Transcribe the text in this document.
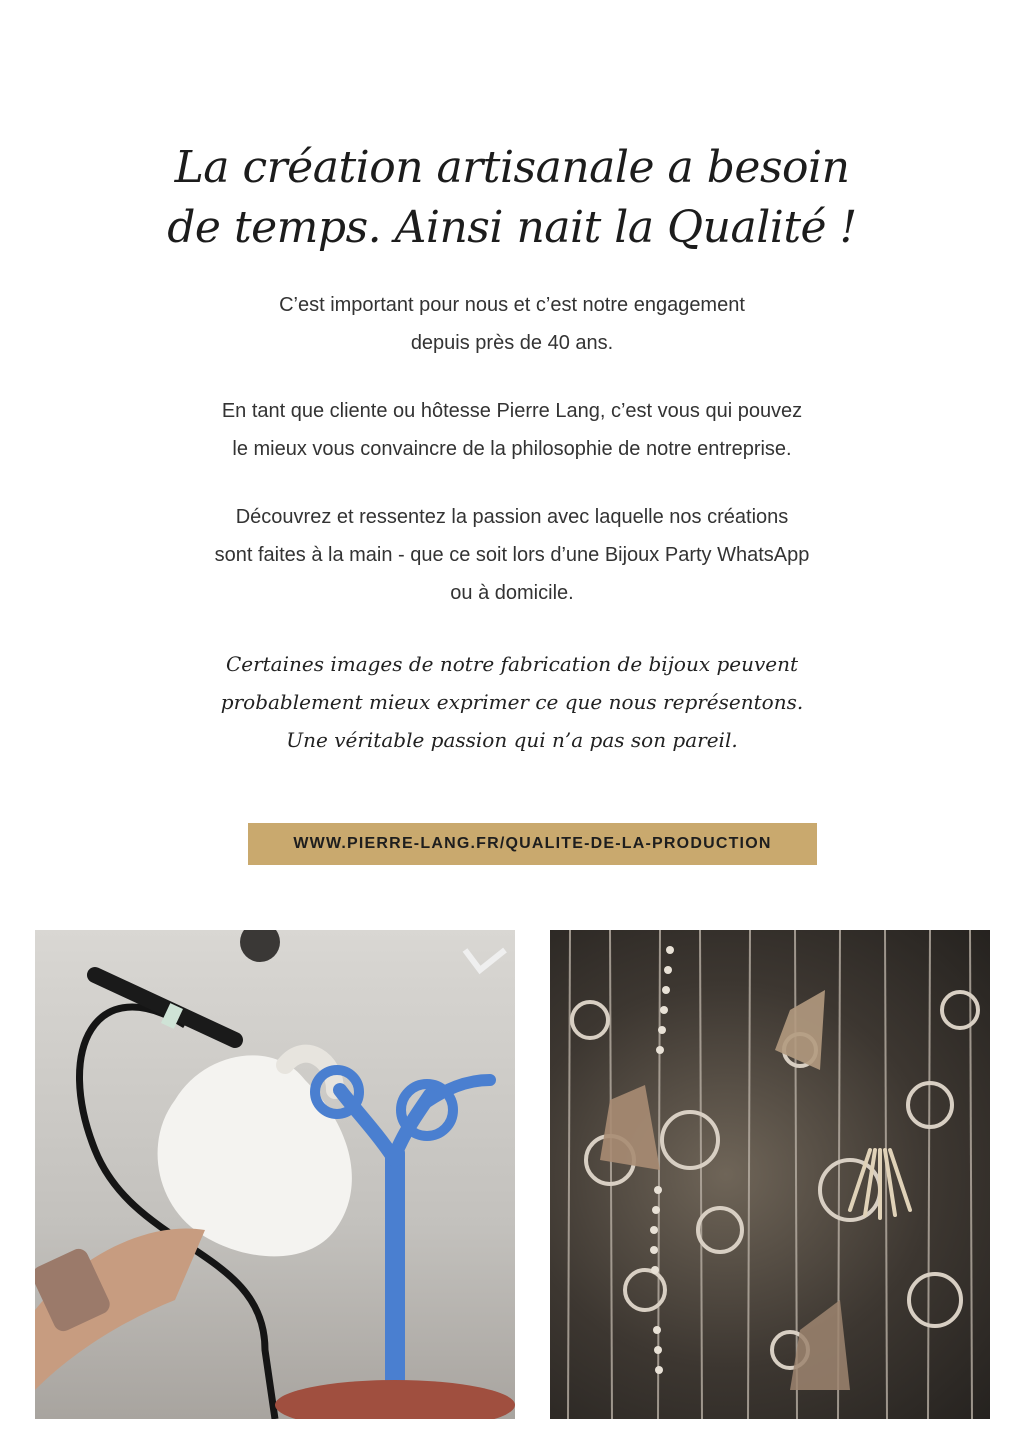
La création artisanale a besoin
de temps. Ainsi nait la Qualité !

C’est important pour nous et c’est notre engagement
depuis près de 40 ans.

En tant que cliente ou hôtesse Pierre Lang, c’est vous qui pouvez
le mieux vous convaincre de la philosophie de notre entreprise.

Découvrez et ressentez la passion avec laquelle nos créations
sont faites à la main - que ce soit lors d’une Bijoux Party WhatsApp
ou à domicile.

Certaines images de notre fabrication de bijoux peuvent
probablement mieux exprimer ce que nous représentons.
Une véritable passion qui n’a pas son pareil.

WWW.PIERRE-LANG.FR/QUALITE-DE-LA-PRODUCTION
